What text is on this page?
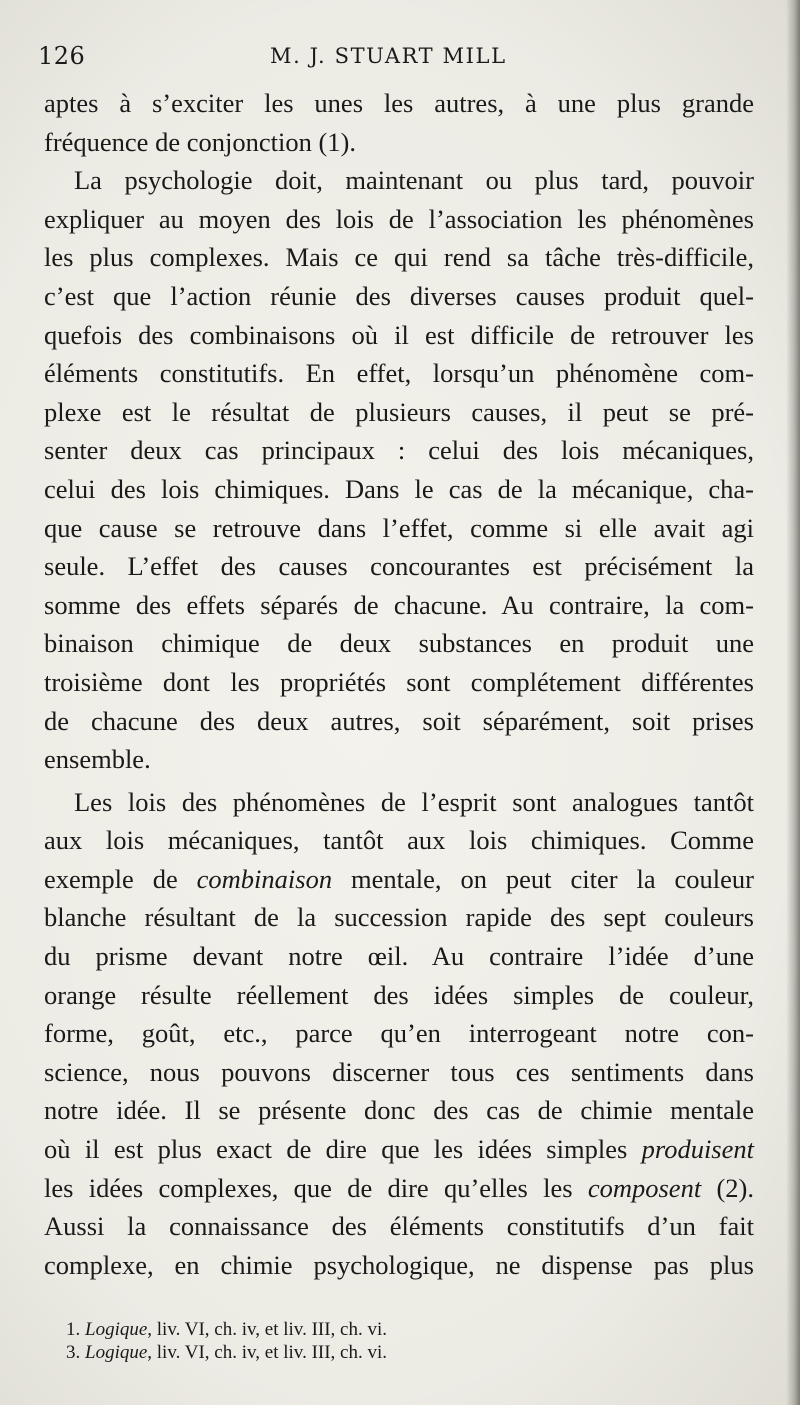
126	M. J. STUART MILL
aptes à s’exciter les unes les autres, à une plus grande
fréquence de conjonction (1).
La psychologie doit, maintenant ou plus tard, pouvoir
expliquer au moyen des lois de l’association les phénomènes
les plus complexes. Mais ce qui rend sa tâche très-difficile,
c’est que l’action réunie des diverses causes produit quel-
quefois des combinaisons où il est difficile de retrouver les
éléments constitutifs. En effet, lorsqu’un phénomène com-
plexe est le résultat de plusieurs causes, il peut se pré-
senter deux cas principaux : celui des lois mécaniques,
celui des lois chimiques. Dans le cas de la mécanique, cha-
que cause se retrouve dans l’effet, comme si elle avait agi
seule. L’effet des causes concourantes est précisément la
somme des effets séparés de chacune. Au contraire, la com-
binaison chimique de deux substances en produit une
troisième dont les propriétés sont complétement différentes
de chacune des deux autres, soit séparément, soit prises
ensemble.
Les lois des phénomènes de l’esprit sont analogues tantôt
aux lois mécaniques, tantôt aux lois chimiques. Comme
exemple de combinaison mentale, on peut citer la couleur
blanche résultant de la succession rapide des sept couleurs
du prisme devant notre œil. Au contraire l’idée d’une
orange résulte réellement des idées simples de couleur,
forme, goût, etc., parce qu’en interrogeant notre con-
science, nous pouvons discerner tous ces sentiments dans
notre idée. Il se présente donc des cas de chimie mentale
où il est plus exact de dire que les idées simples produisent
les idées complexes, que de dire qu’elles les composent (2).
Aussi la connaissance des éléments constitutifs d’un fait
complexe, en chimie psychologique, ne dispense pas plus
1. Logique, liv. VI, ch. iv, et liv. III, ch. vi.
3. Logique, liv. VI, ch. iv, et liv. III, ch. vi.
